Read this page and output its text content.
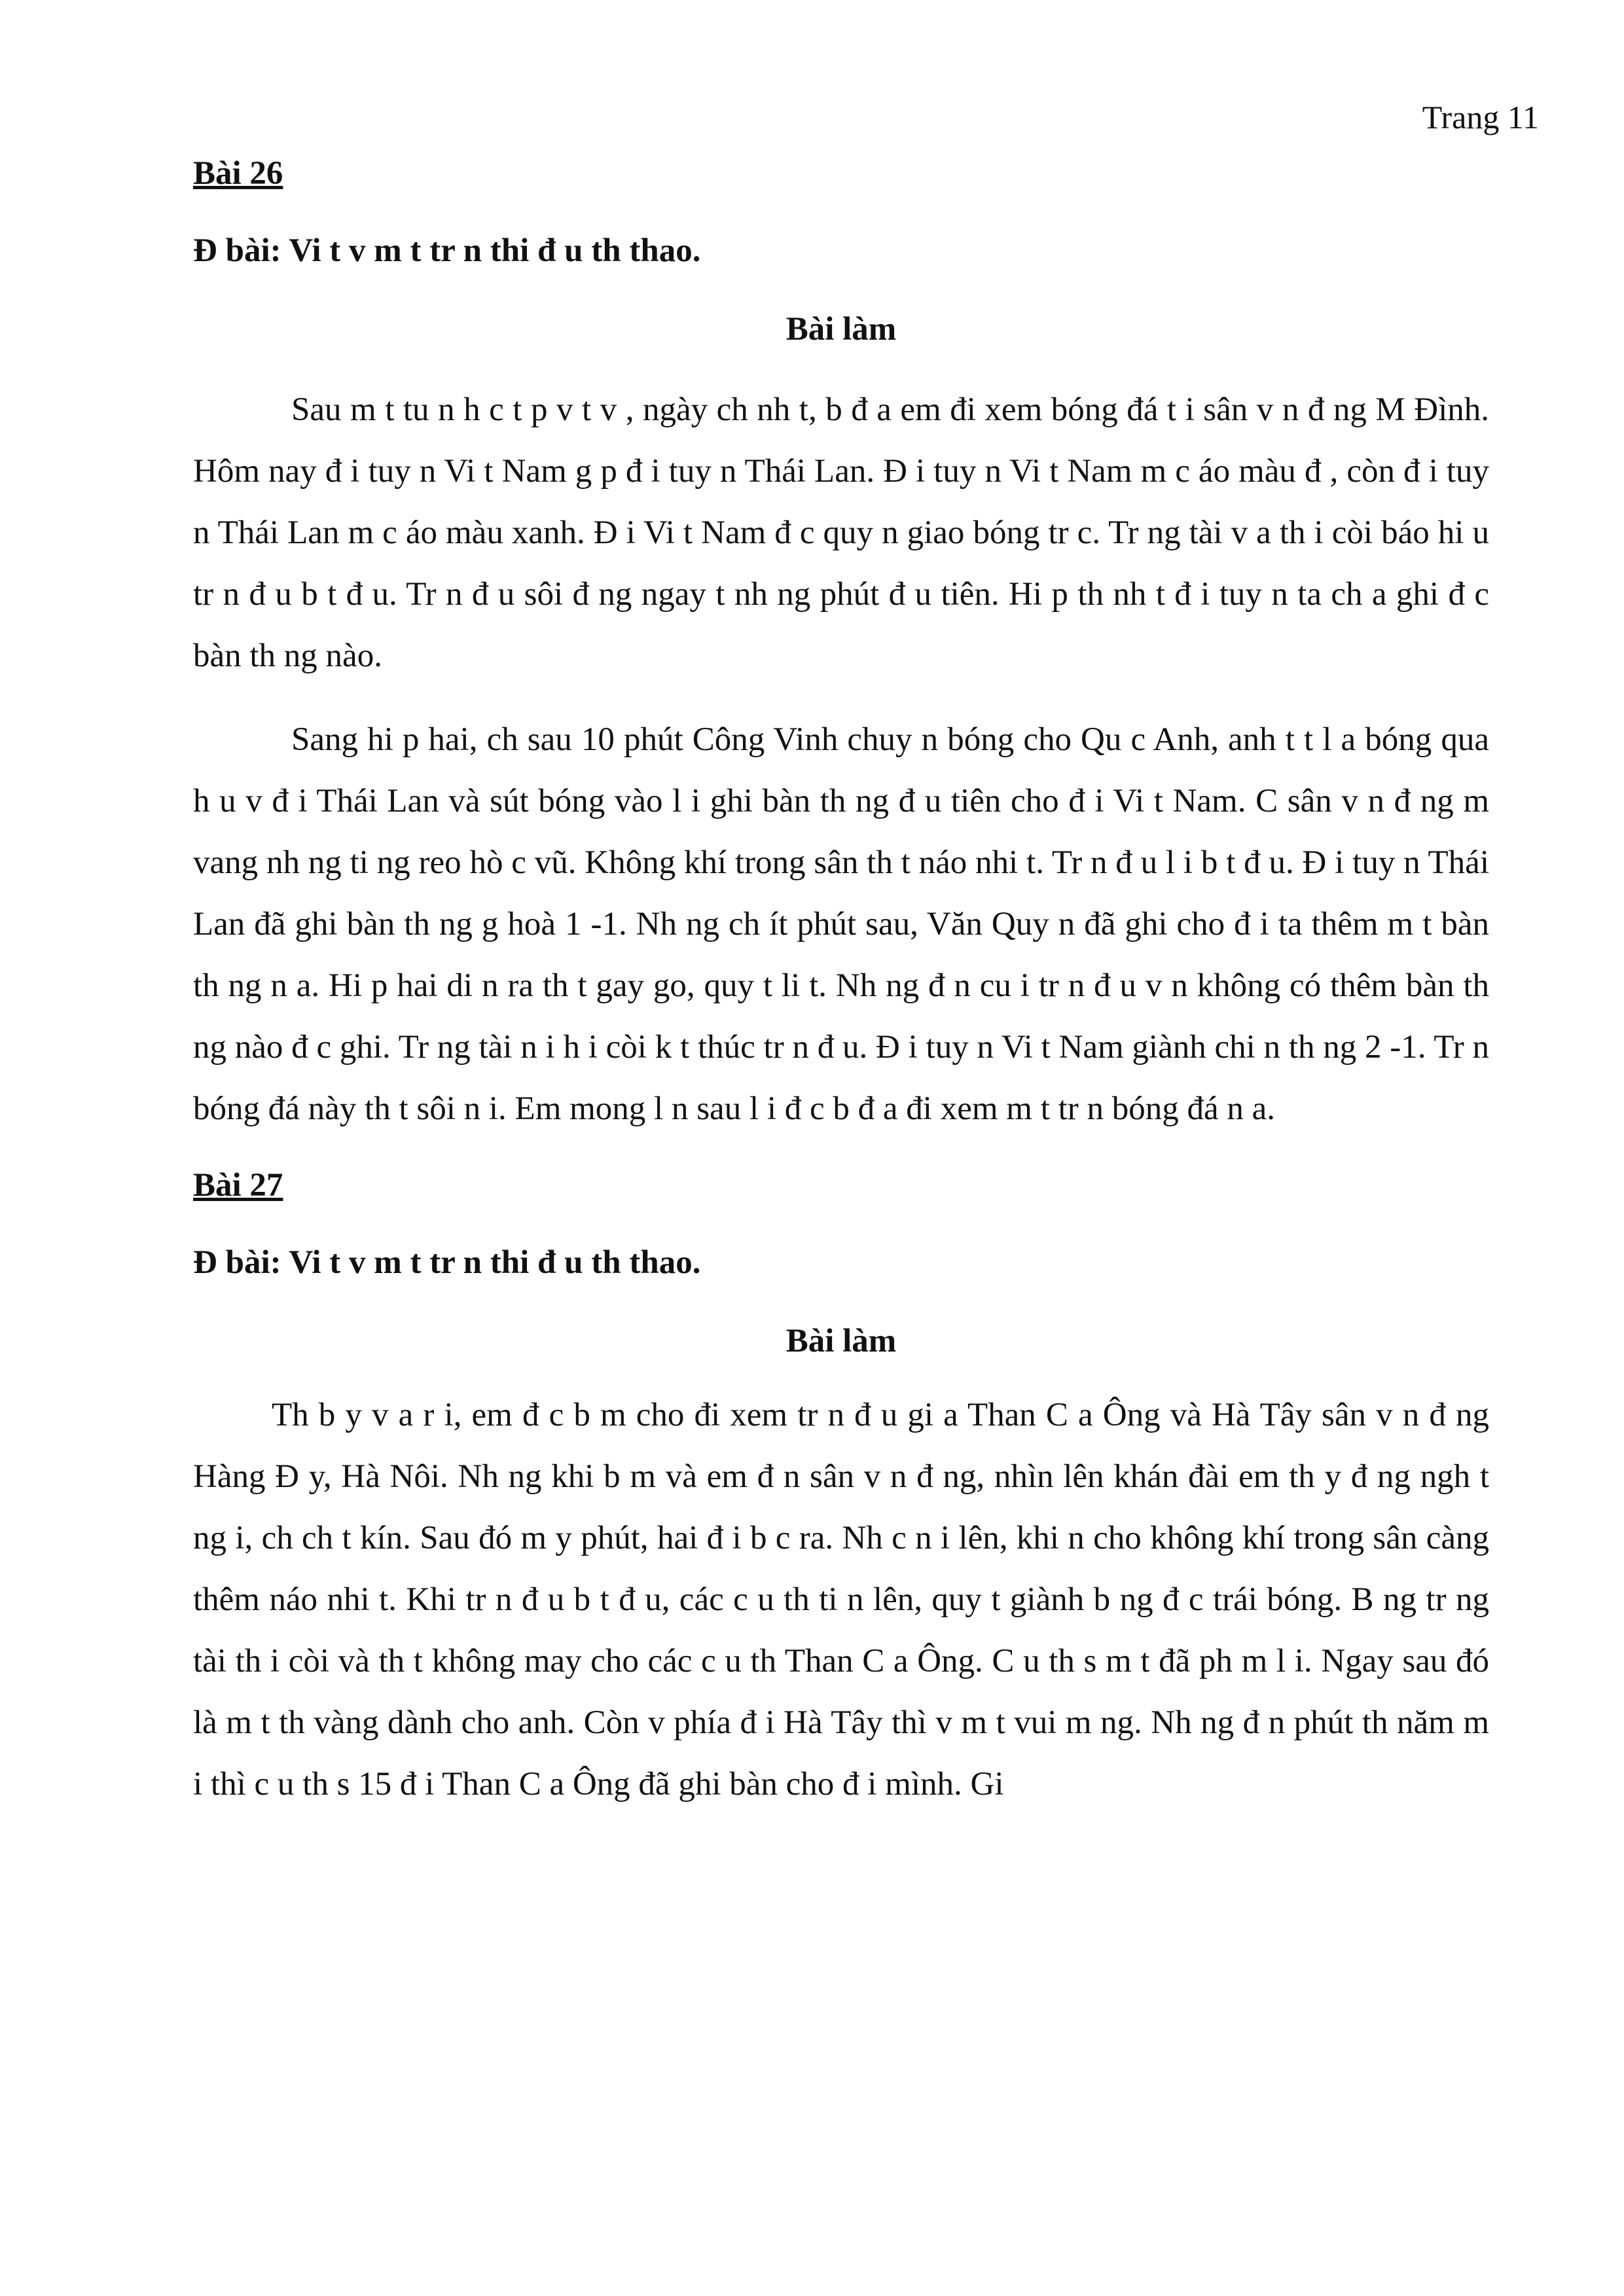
Trang 11

Bài 26

Đ bài: Vi t v m t tr n thi đ u th thao.

Bài làm

Sau m t tu n h c t p v t v , ngày ch nh t, b đ a em đi xem bóng đá t i sân v n đ ng M Đình. Hôm nay đ i tuy n Vi t Nam g p đ i tuy n Thái Lan. Đ i tuy n Vi t Nam m c áo màu đ , còn đ i tuy n Thái Lan m c áo màu xanh. Đ i Vi t Nam đ c quy n giao bóng tr c. Tr ng tài v a th i còi báo hi u tr n đ u b t đ u. Tr n đ u sôi đ ng ngay t nh ng phút đ u tiên. Hi p th nh t đ i tuy n ta ch a ghi đ c bàn th ng nào.

Sang hi p hai, ch sau 10 phút Công Vinh chuy n bóng cho Qu c Anh, anh t t l a bóng qua h u v đ i Thái Lan và sút bóng vào l i ghi bàn th ng đ u tiên cho đ i Vi t Nam. C sân v n đ ng m vang nh ng ti ng reo hò c vũ. Không khí trong sân th t náo nhi t. Tr n đ u l i b t đ u. Đ i tuy n Thái Lan đã ghi bàn th ng g hoà 1 -1. Nh ng ch ít phút sau, Văn Quy n đã ghi cho đ i ta thêm m t bàn th ng n a. Hi p hai di n ra th t gay go, quy t li t. Nh ng đ n cu i tr n đ u v n không có thêm bàn th ng nào đ c ghi. Tr ng tài n i h i còi k t thúc tr n đ u. Đ i tuy n Vi t Nam giành chi n th ng 2 -1. Tr n bóng đá này th t sôi n i. Em mong l n sau l i đ c b đ a đi xem m t tr n bóng đá n a.

Bài 27

Đ bài: Vi t v m t tr n thi đ u th thao.

Bài làm

Th b y v a r i, em đ c b m cho đi xem tr n đ u gi a Than C a Ông và Hà Tây sân v n đ ng Hàng Đ y, Hà Nôi. Nh ng khi b m và em đ n sân v n đ ng, nhìn lên khán đài em th y đ ng ngh t ng i, ch ch t kín. Sau đó m y phút, hai đ i b c ra. Nh c n i lên, khi n cho không khí trong sân càng thêm náo nhi t. Khi tr n đ u b t đ u, các c u th ti n lên, quy t giành b ng đ c trái bóng. B ng tr ng tài th i còi và th t không may cho các c u th Than C a Ông. C u th s m t đã ph m l i. Ngay sau đó là m t th vàng dành cho anh. Còn v phía đ i Hà Tây thì v m t vui m ng. Nh ng đ n phút th năm m i thì c u th s 15 đ i Than C a Ông đã ghi bàn cho đ i mình. Gi
